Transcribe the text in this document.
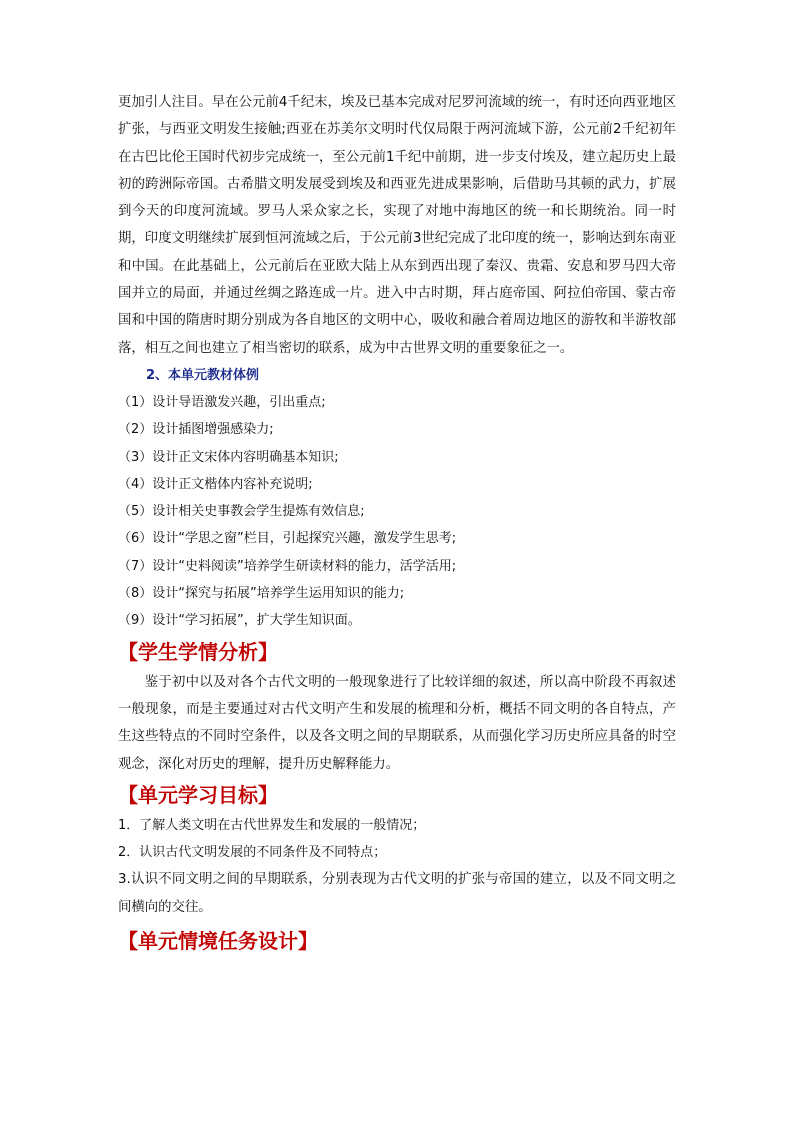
更加引人注目。早在公元前4千纪末，埃及已基本完成对尼罗河流域的统一，有时还向西亚地区扩张，与西亚文明发生接触;西亚在苏美尔文明时代仅局限于两河流域下游，公元前2千纪初年在古巴比伦王国时代初步完成统一，至公元前1千纪中前期，进一步支付埃及，建立起历史上最初的跨洲际帝国。古希腊文明发展受到埃及和西亚先进成果影响，后借助马其顿的武力，扩展到今天的印度河流域。罗马人采众家之长，实现了对地中海地区的统一和长期统治。同一时期，印度文明继续扩展到恒河流域之后，于公元前3世纪完成了北印度的统一，影响达到东南亚和中国。在此基础上，公元前后在亚欧大陆上从东到西出现了秦汉、贵霜、安息和罗马四大帝国并立的局面，并通过丝绸之路连成一片。进入中古时期，拜占庭帝国、阿拉伯帝国、蒙古帝国和中国的隋唐时期分别成为各自地区的文明中心，吸收和融合着周边地区的游牧和半游牧部落，相互之间也建立了相当密切的联系，成为中古世界文明的重要象征之一。

2、本单元教材体例

（1）设计导语激发兴趣，引出重点;

（2）设计插图增强感染力;

（3）设计正文宋体内容明确基本知识;

（4）设计正文楷体内容补充说明;

（5）设计相关史事教会学生提炼有效信息;

（6）设计“学思之窗”栏目，引起探究兴趣，激发学生思考;

（7）设计“史料阅读”培养学生研读材料的能力，活学活用;

（8）设计“探究与拓展”培养学生运用知识的能力;

（9）设计“学习拓展”，扩大学生知识面。

【学生学情分析】

鉴于初中以及对各个古代文明的一般现象进行了比较详细的叙述，所以高中阶段不再叙述一般现象，而是主要通过对古代文明产生和发展的梳理和分析，概括不同文明的各自特点，产生这些特点的不同时空条件，以及各文明之间的早期联系，从而强化学习历史所应具备的时空观念，深化对历史的理解，提升历史解释能力。

【单元学习目标】

1．了解人类文明在古代世界发生和发展的一般情况；

2．认识古代文明发展的不同条件及不同特点；

3.认识不同文明之间的早期联系，分别表现为古代文明的扩张与帝国的建立，以及不同文明之间横向的交往。

【单元情境任务设计】
